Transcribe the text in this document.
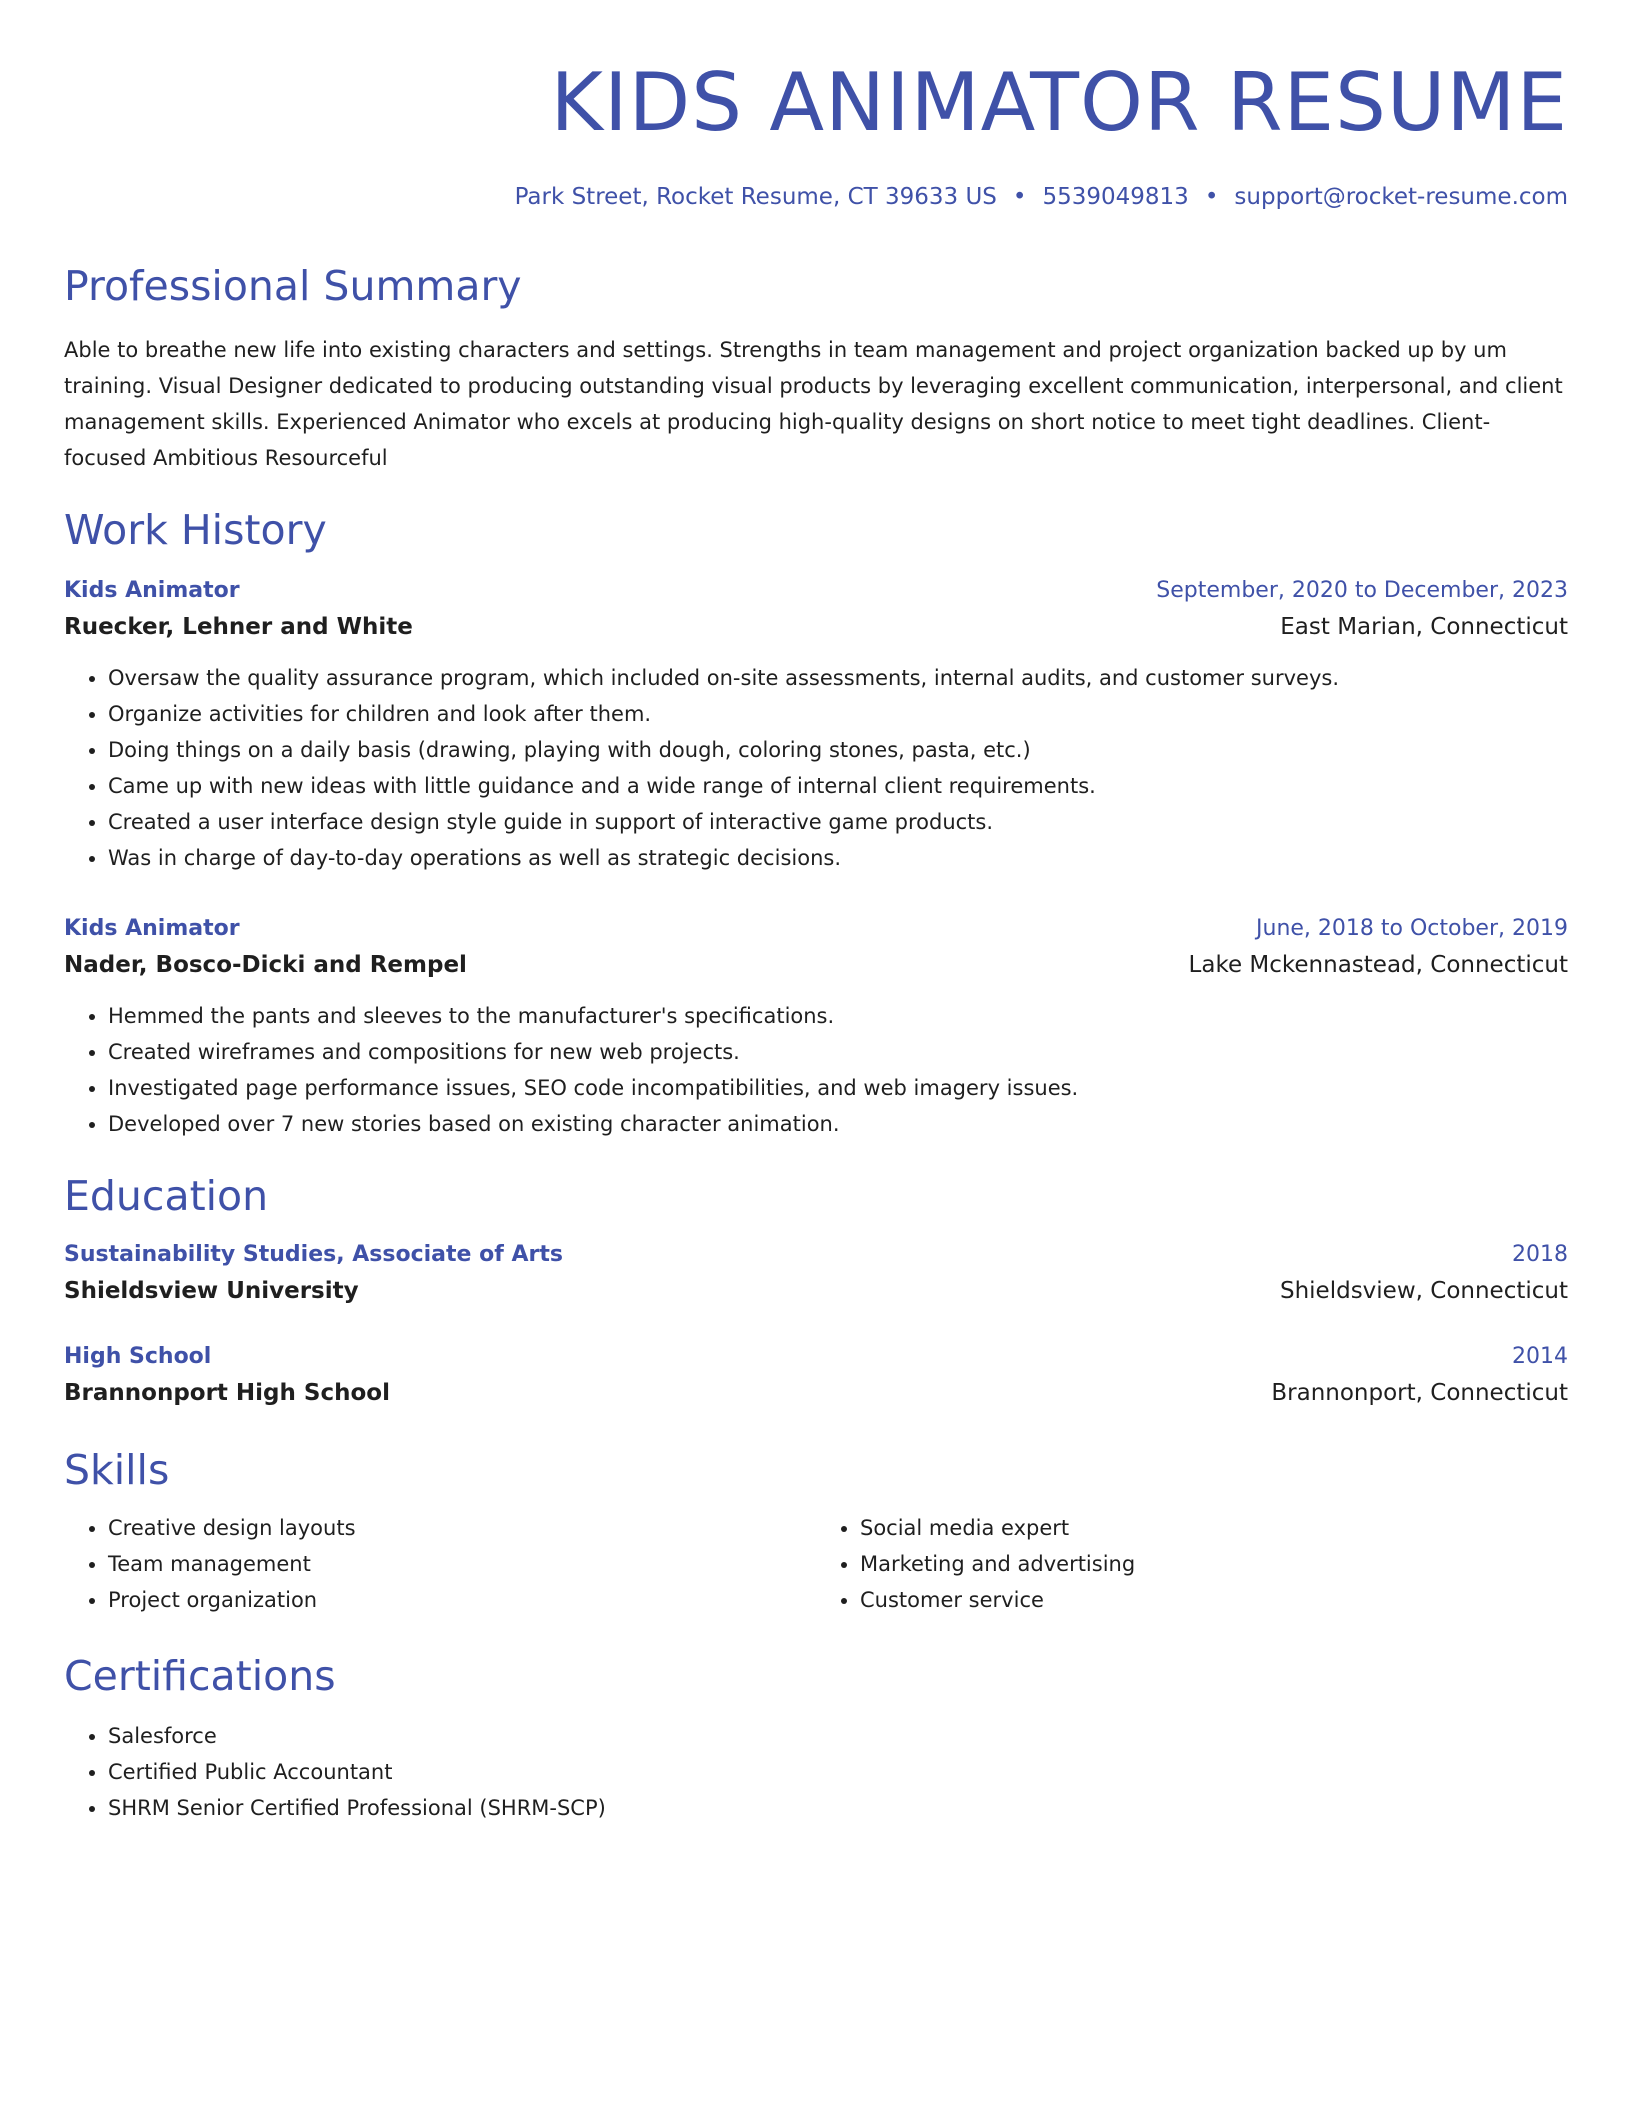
KIDS ANIMATOR RESUME
Park Street, Rocket Resume, CT 39633 US • 5539049813 • support@rocket-resume.com
Professional Summary

Able to breathe new life into existing characters and settings. Strengths in team management and project organization backed up by um training. Visual Designer dedicated to producing outstanding visual products by leveraging excellent communication, interpersonal, and client management skills. Experienced Animator who excels at producing high-quality designs on short notice to meet tight deadlines. Client-focused Ambitious Resourceful

Work History
Kids Animator	September, 2020 to December, 2023
Ruecker, Lehner and White	East Marian, Connecticut
• Oversaw the quality assurance program, which included on-site assessments, internal audits, and customer surveys.
• Organize activities for children and look after them.
• Doing things on a daily basis (drawing, playing with dough, coloring stones, pasta, etc.)
• Came up with new ideas with little guidance and a wide range of internal client requirements.
• Created a user interface design style guide in support of interactive game products.
• Was in charge of day-to-day operations as well as strategic decisions.
Kids Animator	June, 2018 to October, 2019
Nader, Bosco-Dicki and Rempel	Lake Mckennastead, Connecticut
• Hemmed the pants and sleeves to the manufacturer's specifications.
• Created wireframes and compositions for new web projects.
• Investigated page performance issues, SEO code incompatibilities, and web imagery issues.
• Developed over 7 new stories based on existing character animation.
Education
Sustainability Studies, Associate of Arts	2018
Shieldsview University	Shieldsview, Connecticut
High School	2014
Brannonport High School	Brannonport, Connecticut
Skills
• Creative design layouts
• Team management
• Project organization
• Social media expert
• Marketing and advertising
• Customer service
Certifications
• Salesforce
• Certified Public Accountant
• SHRM Senior Certified Professional (SHRM-SCP)
